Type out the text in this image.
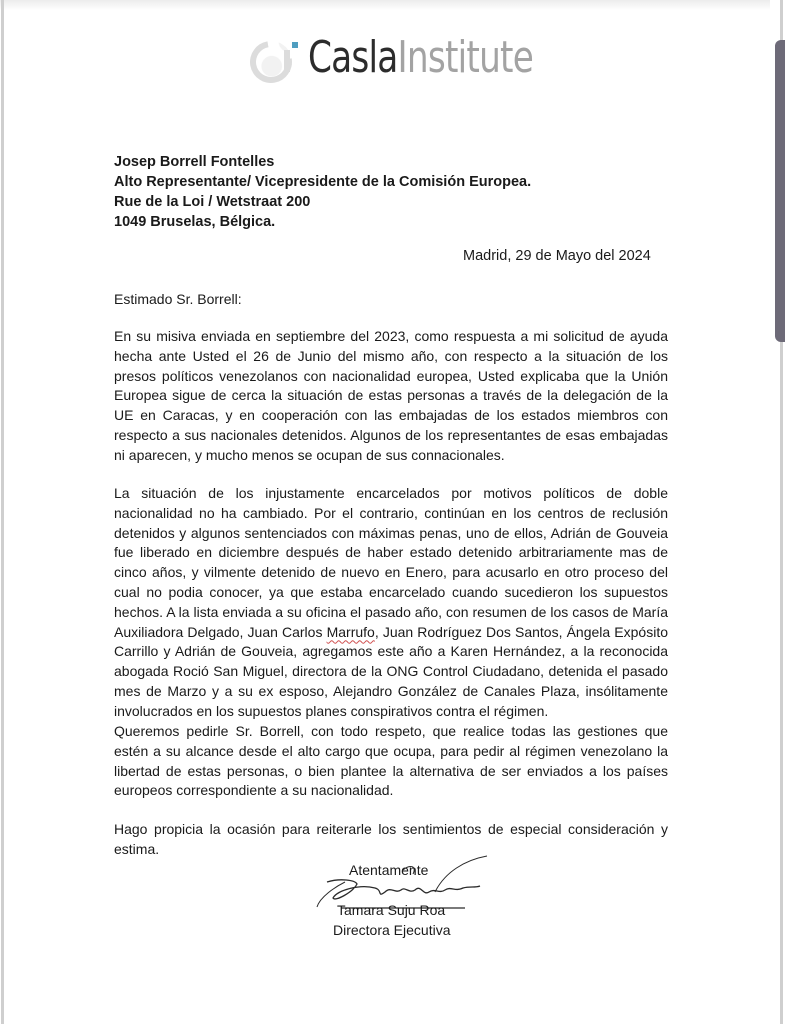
CaslaInstitute
Josep Borrell Fontelles
Alto Representante/ Vicepresidente de la Comisión Europea.
Rue de la Loi / Wetstraat 200
1049 Bruselas, Bélgica.
Madrid, 29 de Mayo del 2024
Estimado Sr. Borrell:
En su misiva enviada en septiembre del 2023, como respuesta a mi solicitud de ayuda hecha ante Usted el 26 de Junio del mismo año, con respecto a la situación de los presos políticos venezolanos con nacionalidad europea, Usted explicaba que la Unión Europea sigue de cerca la situación de estas personas a través de la delegación de la UE en Caracas, y en cooperación con las embajadas de los estados miembros con respecto a sus nacionales detenidos. Algunos de los representantes de esas embajadas ni aparecen, y mucho menos se ocupan de sus connacionales.
La situación de los injustamente encarcelados por motivos políticos de doble nacionalidad no ha cambiado. Por el contrario, continúan en los centros de reclusión detenidos y algunos sentenciados con máximas penas, uno de ellos, Adrián de Gouveia fue liberado en diciembre después de haber estado detenido arbitrariamente mas de cinco años, y vilmente detenido de nuevo en Enero, para acusarlo en otro proceso del cual no podia conocer, ya que estaba encarcelado cuando sucedieron los supuestos hechos. A la lista enviada a su oficina el pasado año, con resumen de los casos de María Auxiliadora Delgado, Juan Carlos Marrufo, Juan Rodríguez Dos Santos, Ángela Expósito Carrillo y Adrián de Gouveia, agregamos este año a Karen Hernández, a la reconocida abogada Roció San Miguel, directora de la ONG Control Ciudadano, detenida el pasado mes de Marzo y a su ex esposo, Alejandro González de Canales Plaza, insólitamente involucrados en los supuestos planes conspirativos contra el régimen.
Queremos pedirle Sr. Borrell, con todo respeto, que realice todas las gestiones que estén a su alcance desde el alto cargo que ocupa, para pedir al régimen venezolano la libertad de estas personas, o bien plantee la alternativa de ser enviados a los países europeos correspondiente a su nacionalidad.
Hago propicia la ocasión para reiterarle los sentimientos de especial consideración y estima.
Atentamente
Tamara Suju Roa
Directora Ejecutiva
